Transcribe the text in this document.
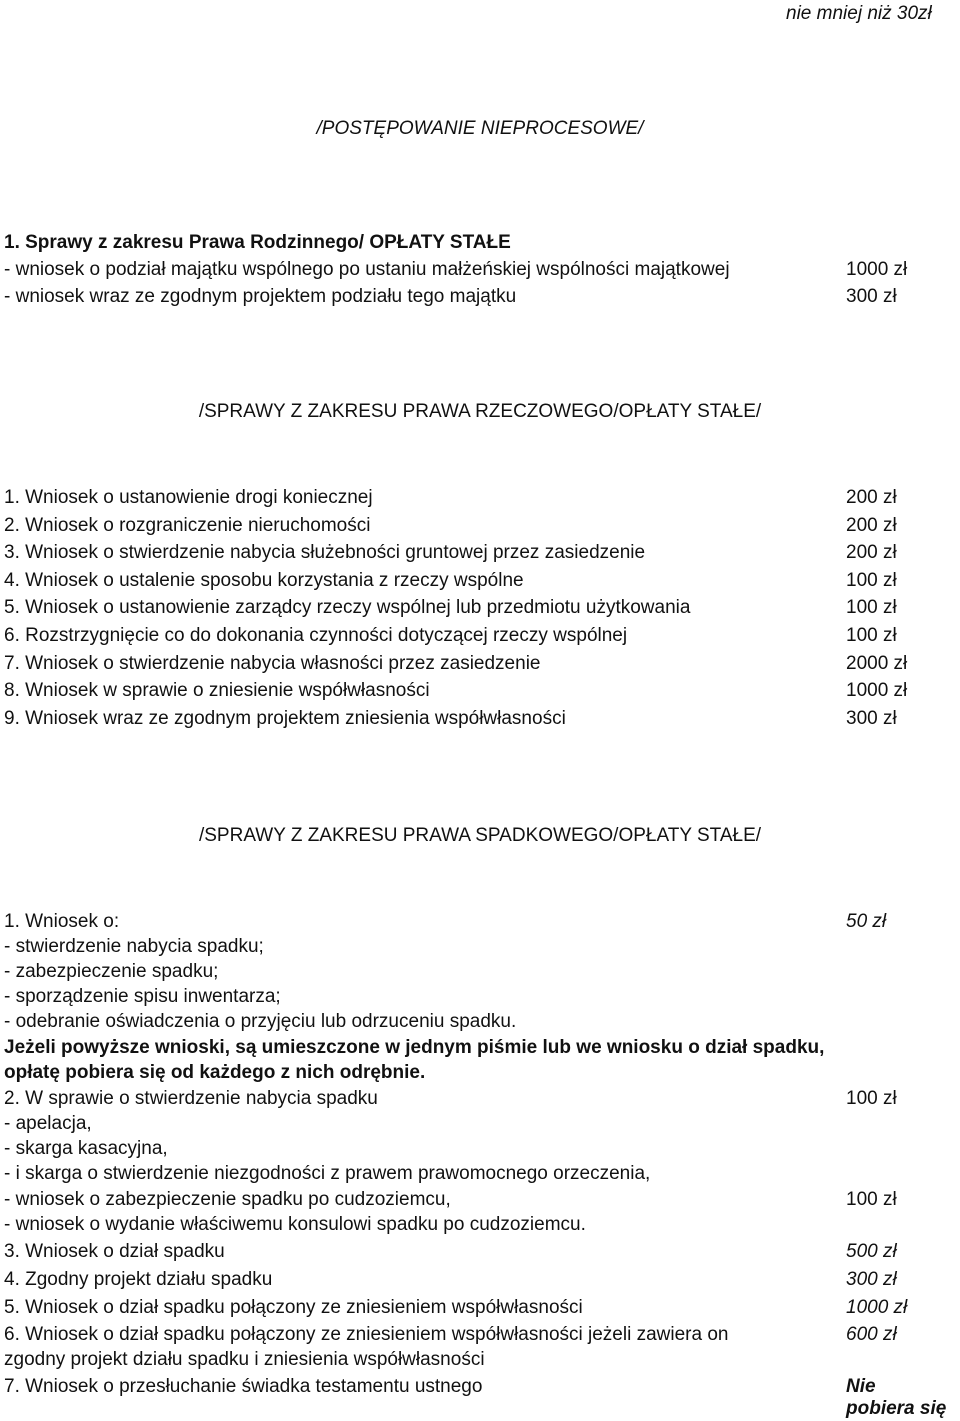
nie mniej niż 30zł
/POSTĘPOWANIE NIEPROCESOWE/
1. Sprawy z zakresu Prawa Rodzinnego/ OPŁATY STAŁE
- wniosek o podział majątku wspólnego po ustaniu małżeńskiej wspólności majątkowej	1000 zł
- wniosek wraz ze zgodnym projektem podziału tego majątku	300 zł
/SPRAWY Z ZAKRESU PRAWA RZECZOWEGO/OPŁATY STAŁE/
1. Wniosek o ustanowienie drogi koniecznej	200 zł
2. Wniosek o rozgraniczenie nieruchomości	200 zł
3. Wniosek o stwierdzenie nabycia służebności gruntowej przez zasiedzenie	200 zł
4. Wniosek o ustalenie sposobu korzystania z rzeczy wspólne	100 zł
5. Wniosek o ustanowienie zarządcy rzeczy wspólnej lub przedmiotu użytkowania	100 zł
6. Rozstrzygnięcie co do dokonania czynności dotyczącej rzeczy wspólnej	100 zł
7. Wniosek o stwierdzenie nabycia własności przez zasiedzenie	2000 zł
8. Wniosek w sprawie o zniesienie współwłasności	1000 zł
9. Wniosek wraz ze zgodnym projektem zniesienia współwłasności	300 zł
/SPRAWY Z ZAKRESU PRAWA SPADKOWEGO/OPŁATY STAŁE/
1. Wniosek o:	50 zł
- stwierdzenie nabycia spadku;
- zabezpieczenie spadku;
- sporządzenie spisu inwentarza;
- odebranie oświadczenia o przyjęciu lub odrzuceniu spadku.
Jeżeli powyższe wnioski, są umieszczone w jednym piśmie lub we wniosku o dział spadku, opłatę pobiera się od każdego z nich odrębnie.
2. W sprawie o stwierdzenie nabycia spadku	100 zł
- apelacja,
- skarga kasacyjna,
- i skarga o stwierdzenie niezgodności z prawem prawomocnego orzeczenia,
- wniosek o zabezpieczenie spadku po cudzoziemcu,	100 zł
- wniosek o wydanie właściwemu konsulowi spadku po cudzoziemcu.
3. Wniosek o dział spadku	500 zł
4. Zgodny projekt działu spadku	300 zł
5. Wniosek o dział spadku połączony ze zniesieniem współwłasności	1000 zł
6. Wniosek o dział spadku połączony ze zniesieniem współwłasności jeżeli zawiera on	600 zł
zgodny projekt działu spadku i zniesienia współwłasności
7. Wniosek o przesłuchanie świadka testamentu ustnego	Nie
pobiera się
